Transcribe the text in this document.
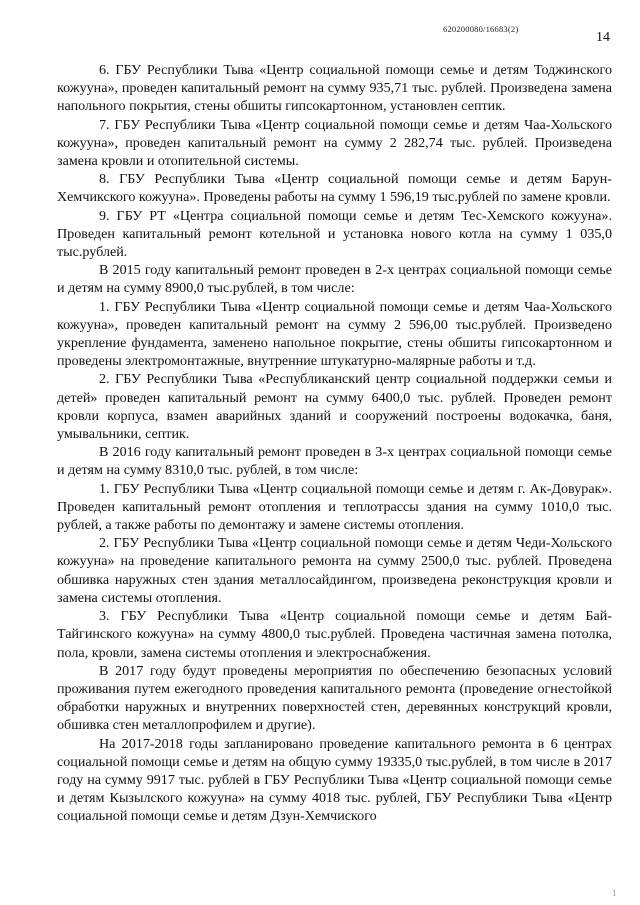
620200080/16683(2)
14

6. ГБУ Республики Тыва «Центр социальной помощи семье и детям Тоджинского кожууна», проведен капитальный ремонт на сумму 935,71 тыс. рублей. Произведена замена напольного покрытия, стены обшиты гипсокартонном, установлен септик.

7. ГБУ Республики Тыва «Центр социальной помощи семье и детям Чаа-Хольского кожууна», проведен капитальный ремонт на сумму 2 282,74 тыс. рублей. Произведена замена кровли и отопительной системы.

8. ГБУ Республики Тыва «Центр социальной помощи семье и детям Барун-Хемчикского кожууна». Проведены работы на сумму 1 596,19 тыс.рублей по замене кровли.

9. ГБУ РТ «Центра социальной помощи семье и детям Тес-Хемского кожууна». Проведен капитальный ремонт котельной и установка нового котла на сумму 1 035,0 тыс.рублей.

В 2015 году капитальный ремонт проведен в 2-х центрах социальной помощи семье и детям на сумму 8900,0 тыс.рублей, в том числе:

1. ГБУ Республики Тыва «Центр социальной помощи семье и детям Чаа-Хольского кожууна», проведен капитальный ремонт на сумму 2 596,00 тыс.рублей. Произведено укрепление фундамента, заменено напольное покрытие, стены обшиты гипсокартонном и проведены электромонтажные, внутренние штукатурно-малярные работы и т.д.

2. ГБУ Республики Тыва «Республиканский центр социальной поддержки семьи и детей» проведен капитальный ремонт на сумму 6400,0 тыс. рублей. Проведен ремонт кровли корпуса, взамен аварийных зданий и сооружений построены водокачка, баня, умывальники, септик.

В 2016 году капитальный ремонт проведен в 3-х центрах социальной помощи семье и детям на сумму 8310,0 тыс. рублей, в том числе:

1. ГБУ Республики Тыва «Центр социальной помощи семье и детям г. Ак-Довурак». Проведен капитальный ремонт отопления и теплотрассы здания на сумму 1010,0 тыс. рублей, а также работы по демонтажу и замене системы отопления.

2. ГБУ Республики Тыва «Центр социальной помощи семье и детям Чеди-Хольского кожууна» на проведение капитального ремонта на сумму 2500,0 тыс. рублей. Проведена обшивка наружных стен здания металлосайдингом, произведена реконструкция кровли и замена системы отопления.

3. ГБУ Республики Тыва «Центр социальной помощи семье и детям Бай-Тайгинского кожууна» на сумму 4800,0 тыс.рублей. Проведена частичная замена потолка, пола, кровли, замена системы отопления и электроснабжения.

В 2017 году будут проведены мероприятия по обеспечению безопасных условий проживания путем ежегодного проведения капитального ремонта (проведение огнестойкой обработки наружных и внутренних поверхностей стен, деревянных конструкций кровли, обшивка стен металлопрофилем и другие).

На 2017-2018 годы запланировано проведение капитального ремонта в 6 центрах социальной помощи семье и детям на общую сумму 19335,0 тыс.рублей, в том числе в 2017 году на сумму 9917 тыс. рублей в ГБУ Республики Тыва «Центр социальной помощи семье и детям Кызылского кожууна» на сумму 4018 тыс. рублей, ГБУ Республики Тыва «Центр социальной помощи семье и детям Дзун-Хемчиского

1
